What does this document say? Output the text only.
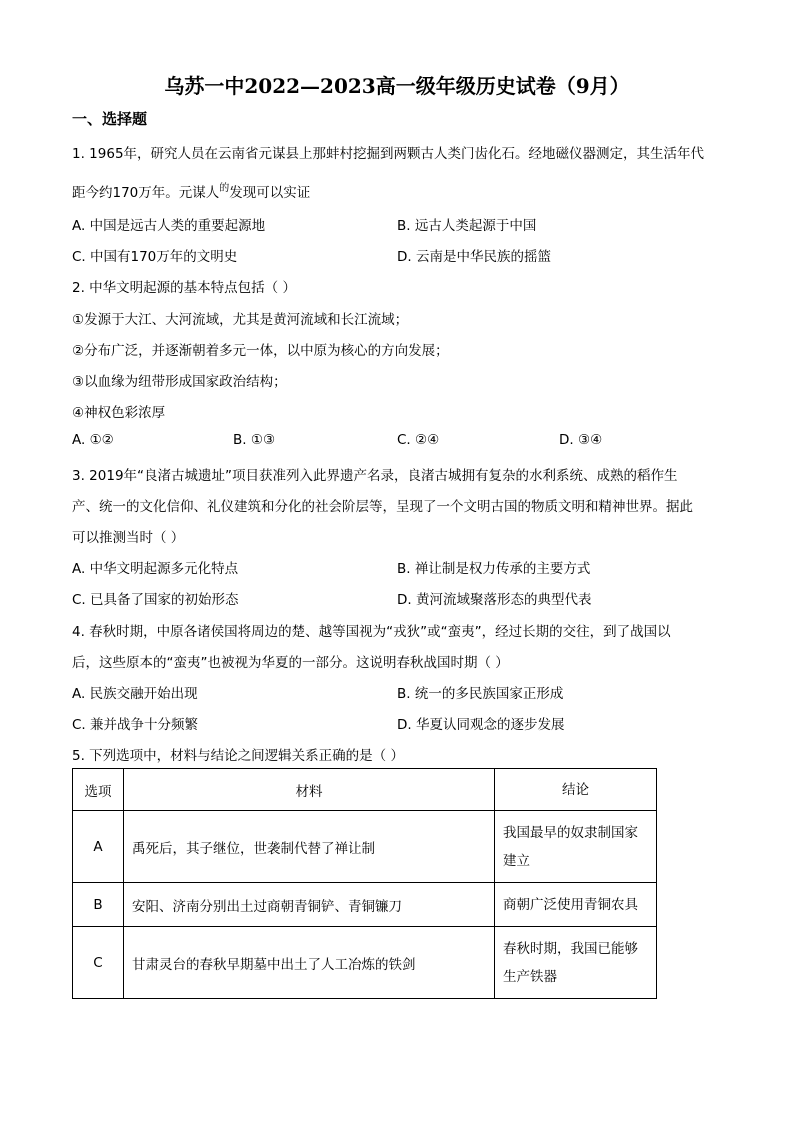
乌苏一中2022—2023高一级年级历史试卷（9月）
一、选择题
1. 1965年，研究人员在云南省元谋县上那蚌村挖掘到两颗古人类门齿化石。经地磁仪器测定，其生活年代
距今约170万年。元谋人$^的$发现可以实证
A. 中国是远古人类的重要起源地	B. 远古人类起源于中国
C. 中国有170万年的文明史	D. 云南是中华民族的摇篮
2. 中华文明起源的基本特点包括（ ）
①发源于大江、大河流域，尤其是黄河流域和长江流域；
②分布广泛，并逐渐朝着多元一体，以中原为核心的方向发展；
③以血缘为纽带形成国家政治结构；
④神权色彩浓厚
A. ①②	B. ①③	C. ②④	D. ③④
3. 2019年“良渚古城遗址”项目获准列入此界遗产名录，良渚古城拥有复杂的水利系统、成熟的稻作生
产、统一的文化信仰、礼仪建筑和分化的社会阶层等，呈现了一个文明古国的物质文明和精神世界。据此
可以推测当时（ ）
A. 中华文明起源多元化特点	B. 禅让制是权力传承的主要方式
C. 已具备了国家的初始形态	D. 黄河流域聚落形态的典型代表
4. 春秋时期，中原各诸侯国将周边的楚、越等国视为“戎狄”或“蛮夷”，经过长期的交往，到了战国以
后，这些原本的“蛮夷”也被视为华夏的一部分。这说明春秋战国时期（ ）
A. 民族交融开始出现	B. 统一的多民族国家正形成
C. 兼并战争十分频繁	D. 华夏认同观念的逐步发展
5. 下列选项中，材料与结论之间逻辑关系正确的是（ ）
选项	材料	结论
A	禹死后，其子继位，世袭制代替了禅让制	我国最早的奴隶制国家建立
B	安阳、济南分别出土过商朝青铜铲、青铜镰刀	商朝广泛使用青铜农具
C	甘肃灵台的春秋早期墓中出土了人工冶炼的铁剑	春秋时期，我国已能够生产铁器
